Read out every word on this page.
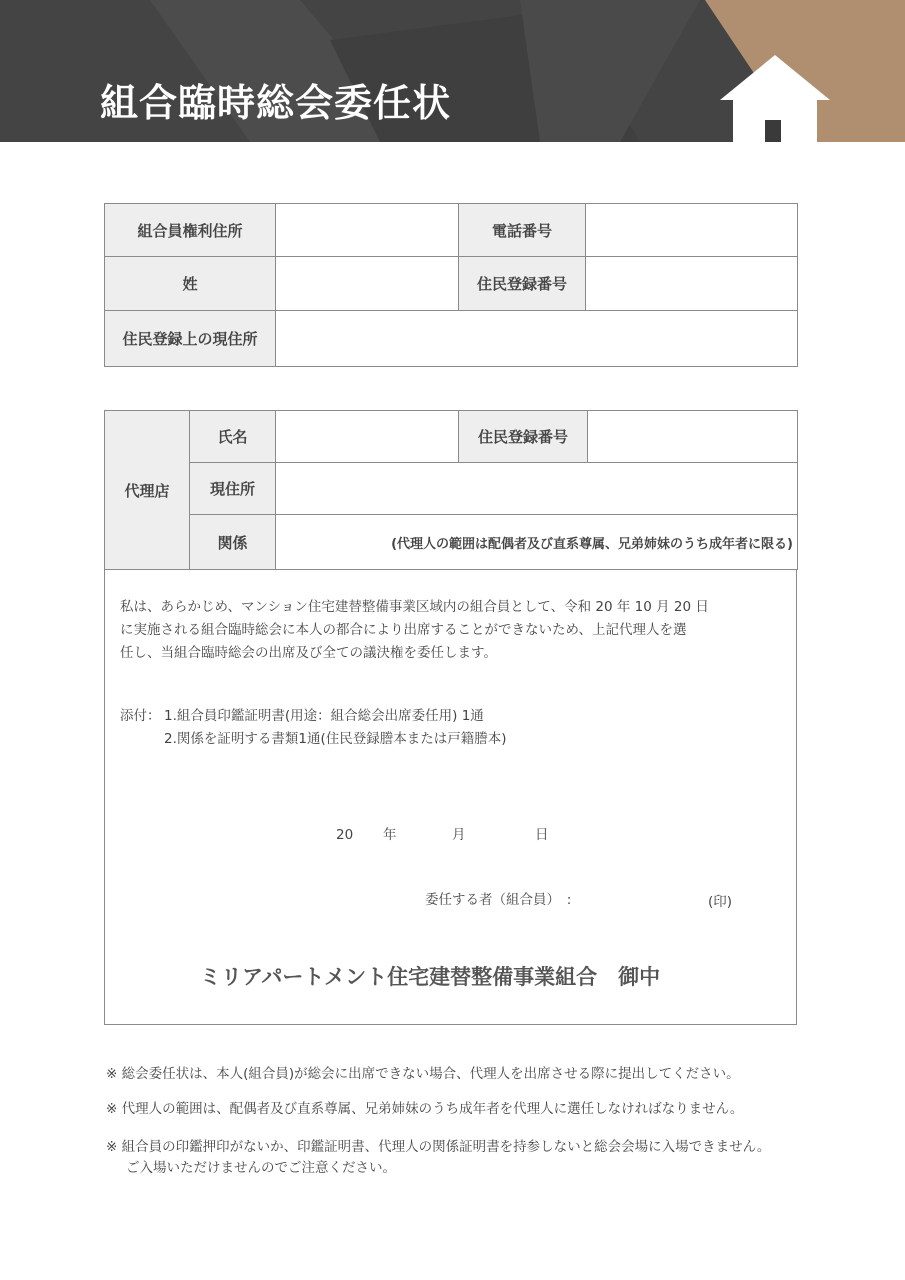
組合臨時総会委任状
組合員権利住所		電話番号	
姓		住民登録番号	
住民登録上の現住所			
代理店	氏名		住民登録番号	
	現住所			
	関係	(代理人の範囲は配偶者及び直系尊属、兄弟姉妹のうち成年者に限る)		
私は、あらかじめ、マンション住宅建替整備事業区域内の組合員として、令和 20 年 10 月 20 日
に実施される組合臨時総会に本人の都合により出席することができないため、上記代理人を選
任し、当組合臨時総会の出席及び全ての議決権を委任します。
添付： 1.組合員印鑑証明書(用途：組合総会出席委任用) 1通
2.関係を証明する書類1通(住民登録謄本または戸籍謄本)
20 年	月	日
委任する者（組合員）　:	(印)
ミリアパートメント住宅建替整備事業組合　御中
※ 総会委任状は、本人(組合員)が総会に出席できない場合、代理人を出席させる際に提出してください。
※ 代理人の範囲は、配偶者及び直系尊属、兄弟姉妹のうち成年者を代理人に選任しなければなりません。
※ 組合員の印鑑押印がないか、印鑑証明書、代理人の関係証明書を持参しないと総会会場に入場できません。
ご入場いただけませんのでご注意ください。
